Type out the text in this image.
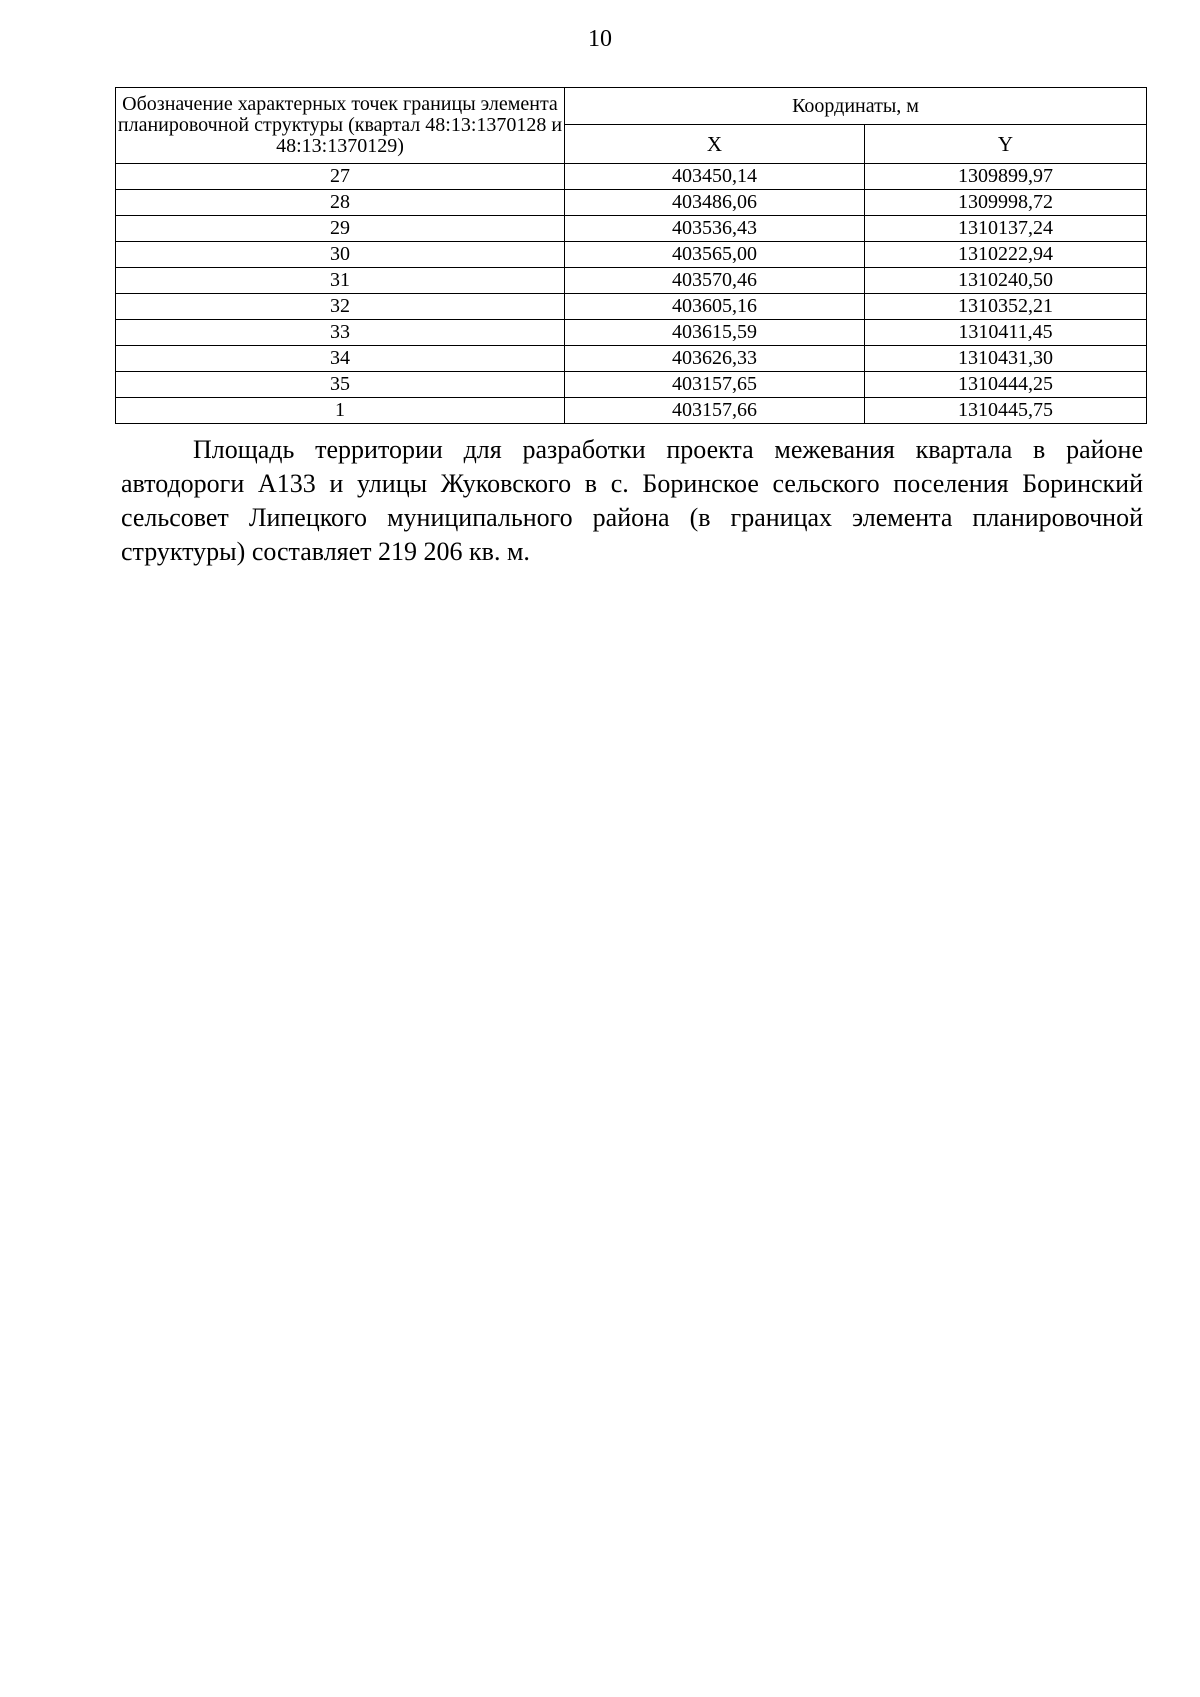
10
Обозначение характерных точек границы элемента планировочной структуры (квартал 48:13:1370128 и 48:13:1370129)	Координаты, м	
	X	Y
27	403450,14	1309899,97
28	403486,06	1309998,72
29	403536,43	1310137,24
30	403565,00	1310222,94
31	403570,46	1310240,50
32	403605,16	1310352,21
33	403615,59	1310411,45
34	403626,33	1310431,30
35	403157,65	1310444,25
1	403157,66	1310445,75

Площадь территории для разработки проекта межевания квартала в районе автодороги А133 и улицы Жуковского в с. Боринское сельского поселения Боринский сельсовет Липецкого муниципального района (в границах элемента планировочной структуры) составляет 219 206 кв. м.
